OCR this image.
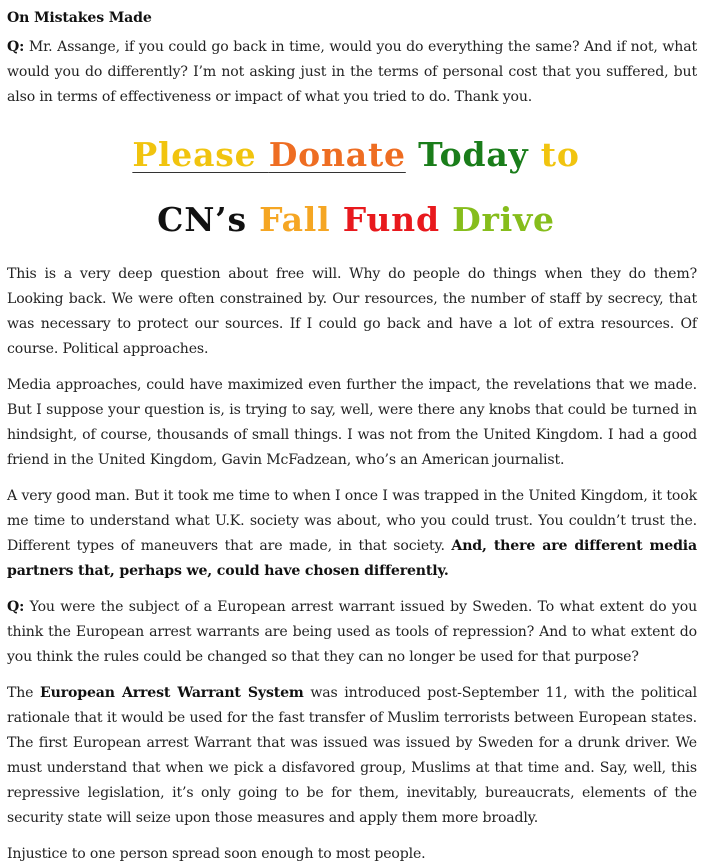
On Mistakes Made

Q: Mr. Assange, if you could go back in time, would you do everything the same? And if not, what would you do differently? I’m not asking just in the terms of personal cost that you suffered, but also in terms of effectiveness or impact of what you tried to do. Thank you.

Please Donate Today to
CN’s Fall Fund Drive

This is a very deep question about free will. Why do people do things when they do them? Looking back. We were often constrained by. Our resources, the number of staff by secrecy, that was necessary to protect our sources. If I could go back and have a lot of extra resources. Of course. Political approaches.

Media approaches, could have maximized even further the impact, the revelations that we made. But I suppose your question is, is trying to say, well, were there any knobs that could be turned in hindsight, of course, thousands of small things. I was not from the United Kingdom. I had a good friend in the United Kingdom, Gavin McFadzean, who’s an American journalist.

A very good man. But it took me time to when I once I was trapped in the United Kingdom, it took me time to understand what U.K. society was about, who you could trust. You couldn’t trust the. Different types of maneuvers that are made, in that society. And, there are different media partners that, perhaps we, could have chosen differently.

Q: You were the subject of a European arrest warrant issued by Sweden. To what extent do you think the European arrest warrants are being used as tools of repression? And to what extent do you think the rules could be changed so that they can no longer be used for that purpose?

The European Arrest Warrant System was introduced post-September 11, with the political rationale that it would be used for the fast transfer of Muslim terrorists between European states. The first European arrest Warrant that was issued was issued by Sweden for a drunk driver. We must understand that when we pick a disfavored group, Muslims at that time and. Say, well, this repressive legislation, it’s only going to be for them, inevitably, bureaucrats, elements of the security state will seize upon those measures and apply them more broadly.

Injustice to one person spread soon enough to most people.
